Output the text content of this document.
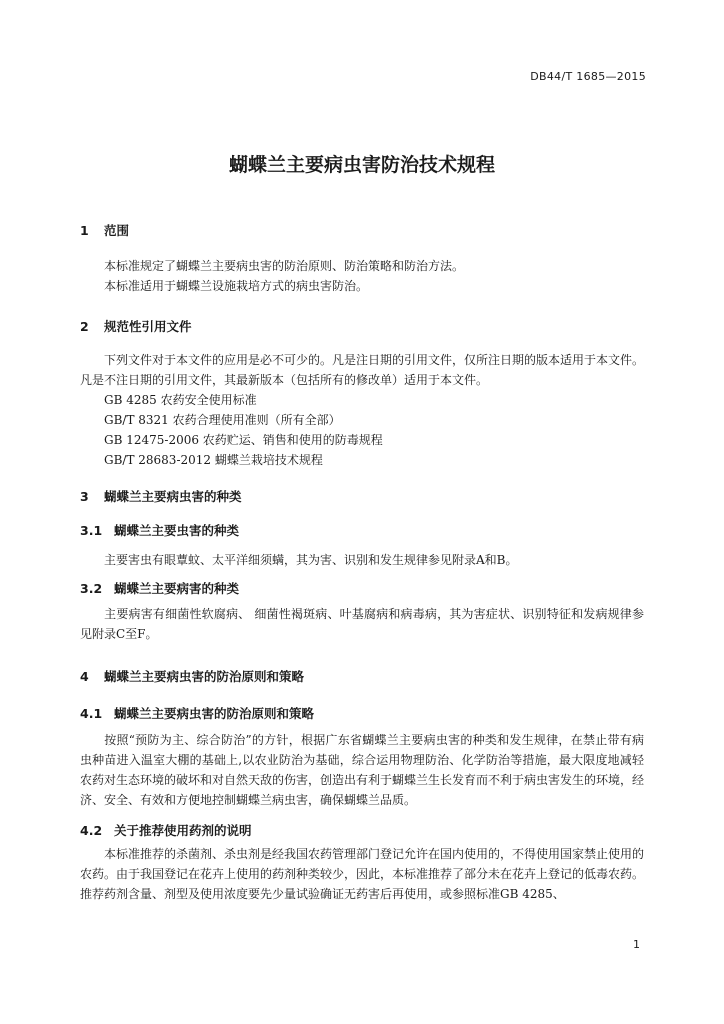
DB44/T 1685—2015
蝴蝶兰主要病虫害防治技术规程
1 范围

本标准规定了蝴蝶兰主要病虫害的防治原则、防治策略和防治方法。

本标准适用于蝴蝶兰设施栽培方式的病虫害防治。

2 规范性引用文件

下列文件对于本文件的应用是必不可少的。凡是注日期的引用文件，仅所注日期的版本适用于本文件。凡是不注日期的引用文件，其最新版本（包括所有的修改单）适用于本文件。

GB 4285 农药安全使用标准
GB/T 8321 农药合理使用准则（所有全部）
GB 12475-2006 农药贮运、销售和使用的防毒规程
GB/T 28683-2012 蝴蝶兰栽培技术规程
3 蝴蝶兰主要病虫害的种类
3.1 蝴蝶兰主要虫害的种类

主要害虫有眼蕈蚊、太平洋细须螨，其为害、识别和发生规律参见附录A和B。

3.2 蝴蝶兰主要病害的种类

主要病害有细菌性软腐病、 细菌性褐斑病、叶基腐病和病毒病，其为害症状、识别特征和发病规律参见附录C至F。

4 蝴蝶兰主要病虫害的防治原则和策略
4.1 蝴蝶兰主要病虫害的防治原则和策略

按照“预防为主、综合防治”的方针，根据广东省蝴蝶兰主要病虫害的种类和发生规律，在禁止带有病虫种苗进入温室大棚的基础上,以农业防治为基础，综合运用物理防治、化学防治等措施，最大限度地减轻农药对生态环境的破坏和对自然天敌的伤害，创造出有利于蝴蝶兰生长发育而不利于病虫害发生的环境，经济、安全、有效和方便地控制蝴蝶兰病虫害，确保蝴蝶兰品质。

4.2 关于推荐使用药剂的说明

本标准推荐的杀菌剂、杀虫剂是经我国农药管理部门登记允许在国内使用的，不得使用国家禁止使用的农药。由于我国登记在花卉上使用的药剂种类较少，因此，本标准推荐了部分未在花卉上登记的低毒农药。推荐药剂含量、剂型及使用浓度要先少量试验确证无药害后再使用，或参照标准GB 4285、

1
